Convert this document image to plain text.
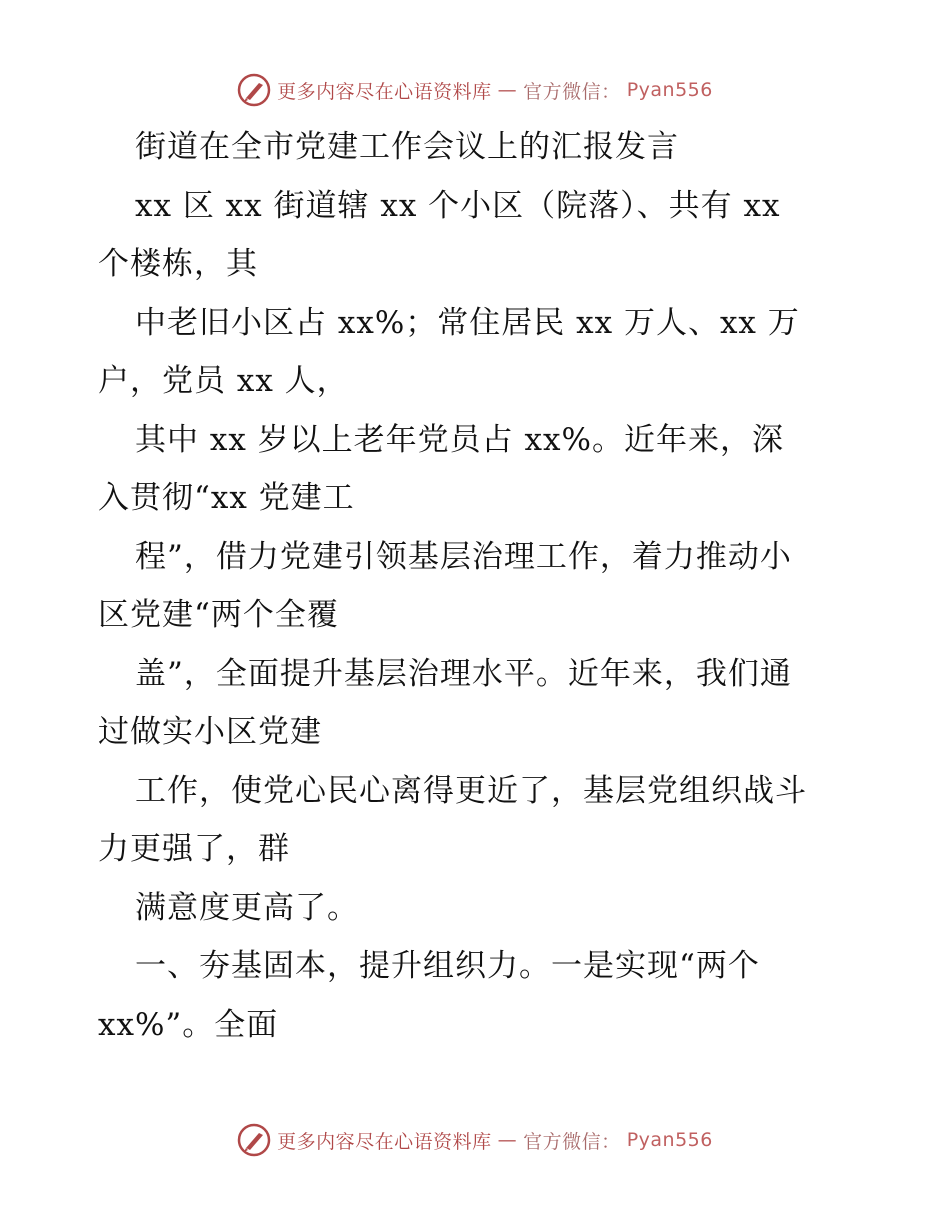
更多内容尽在心语资料库 — 官方微信： Pyan556
街道在全市党建工作会议上的汇报发言
xx 区 xx 街道辖 xx 个小区（院落）、共有 xx
个楼栋，其
中老旧小区占 xx%；常住居民 xx 万人、xx 万
户，党员 xx 人，
其中 xx 岁以上老年党员占 xx%。近年来，深
入贯彻“xx 党建工
程”，借力党建引领基层治理工作，着力推动小
区党建“两个全覆
盖”，全面提升基层治理水平。近年来，我们通
过做实小区党建
工作，使党心民心离得更近了，基层党组织战斗
力更强了，群
满意度更高了。
一、夯基固本，提升组织力。一是实现“两个
xx%”。全面
更多内容尽在心语资料库 — 官方微信： Pyan556
